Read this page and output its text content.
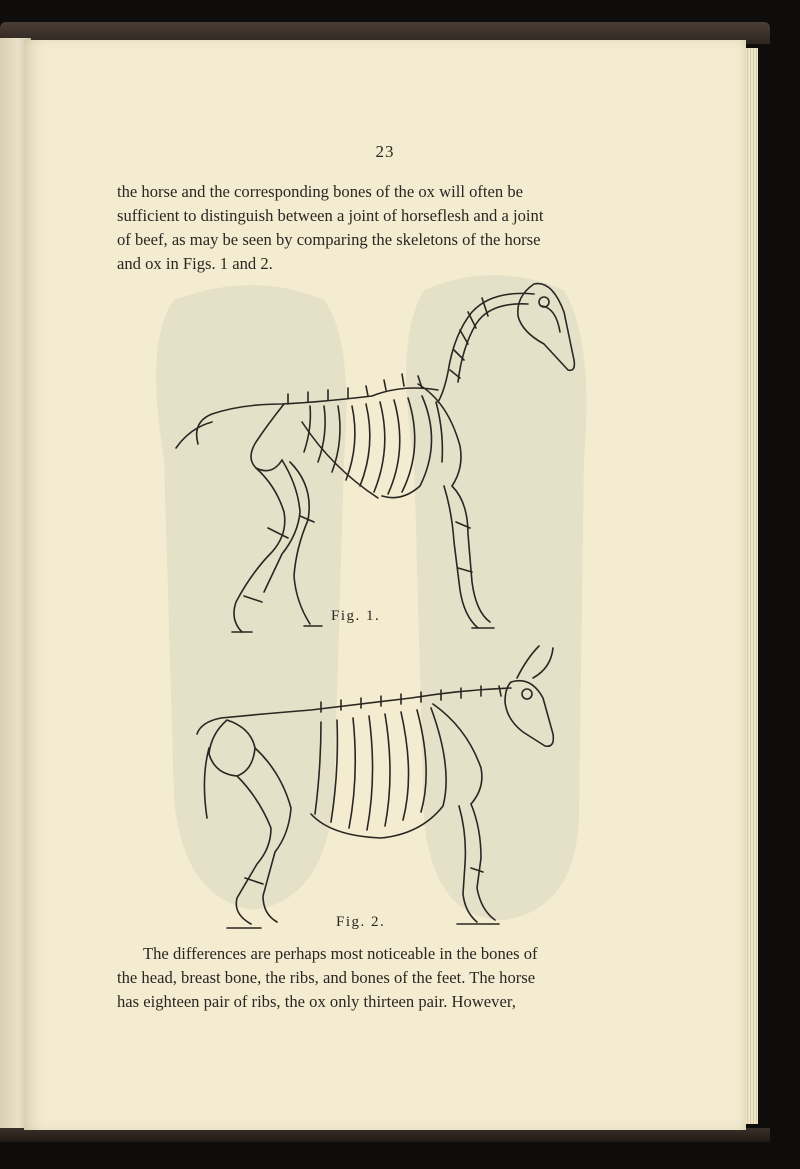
23
the horse and the corresponding bones of the ox will often be
sufficient to distinguish between a joint of horseflesh and a joint
of beef, as may be seen by comparing the skeletons of the horse
and ox in Figs. 1 and 2.
Fig. 1.
Fig. 2.
The differences are perhaps most noticeable in the bones of
the head, breast bone, the ribs, and bones of the feet. The horse
has eighteen pair of ribs, the ox only thirteen pair. However,
